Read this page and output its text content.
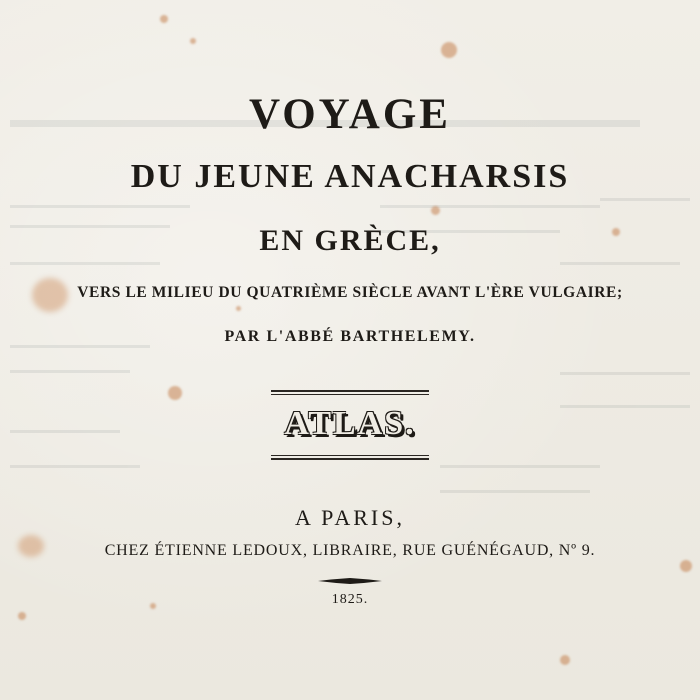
VOYAGE

DU JEUNE ANACHARSIS

EN GRÈCE,

VERS LE MILIEU DU QUATRIÈME SIÈCLE AVANT L'ÈRE VULGAIRE;

PAR L'ABBÉ BARTHELEMY.

ATLAS.

A PARIS,

CHEZ ÉTIENNE LEDOUX, LIBRAIRE, RUE GUÉNÉGAUD, Nº 9.

1825.
